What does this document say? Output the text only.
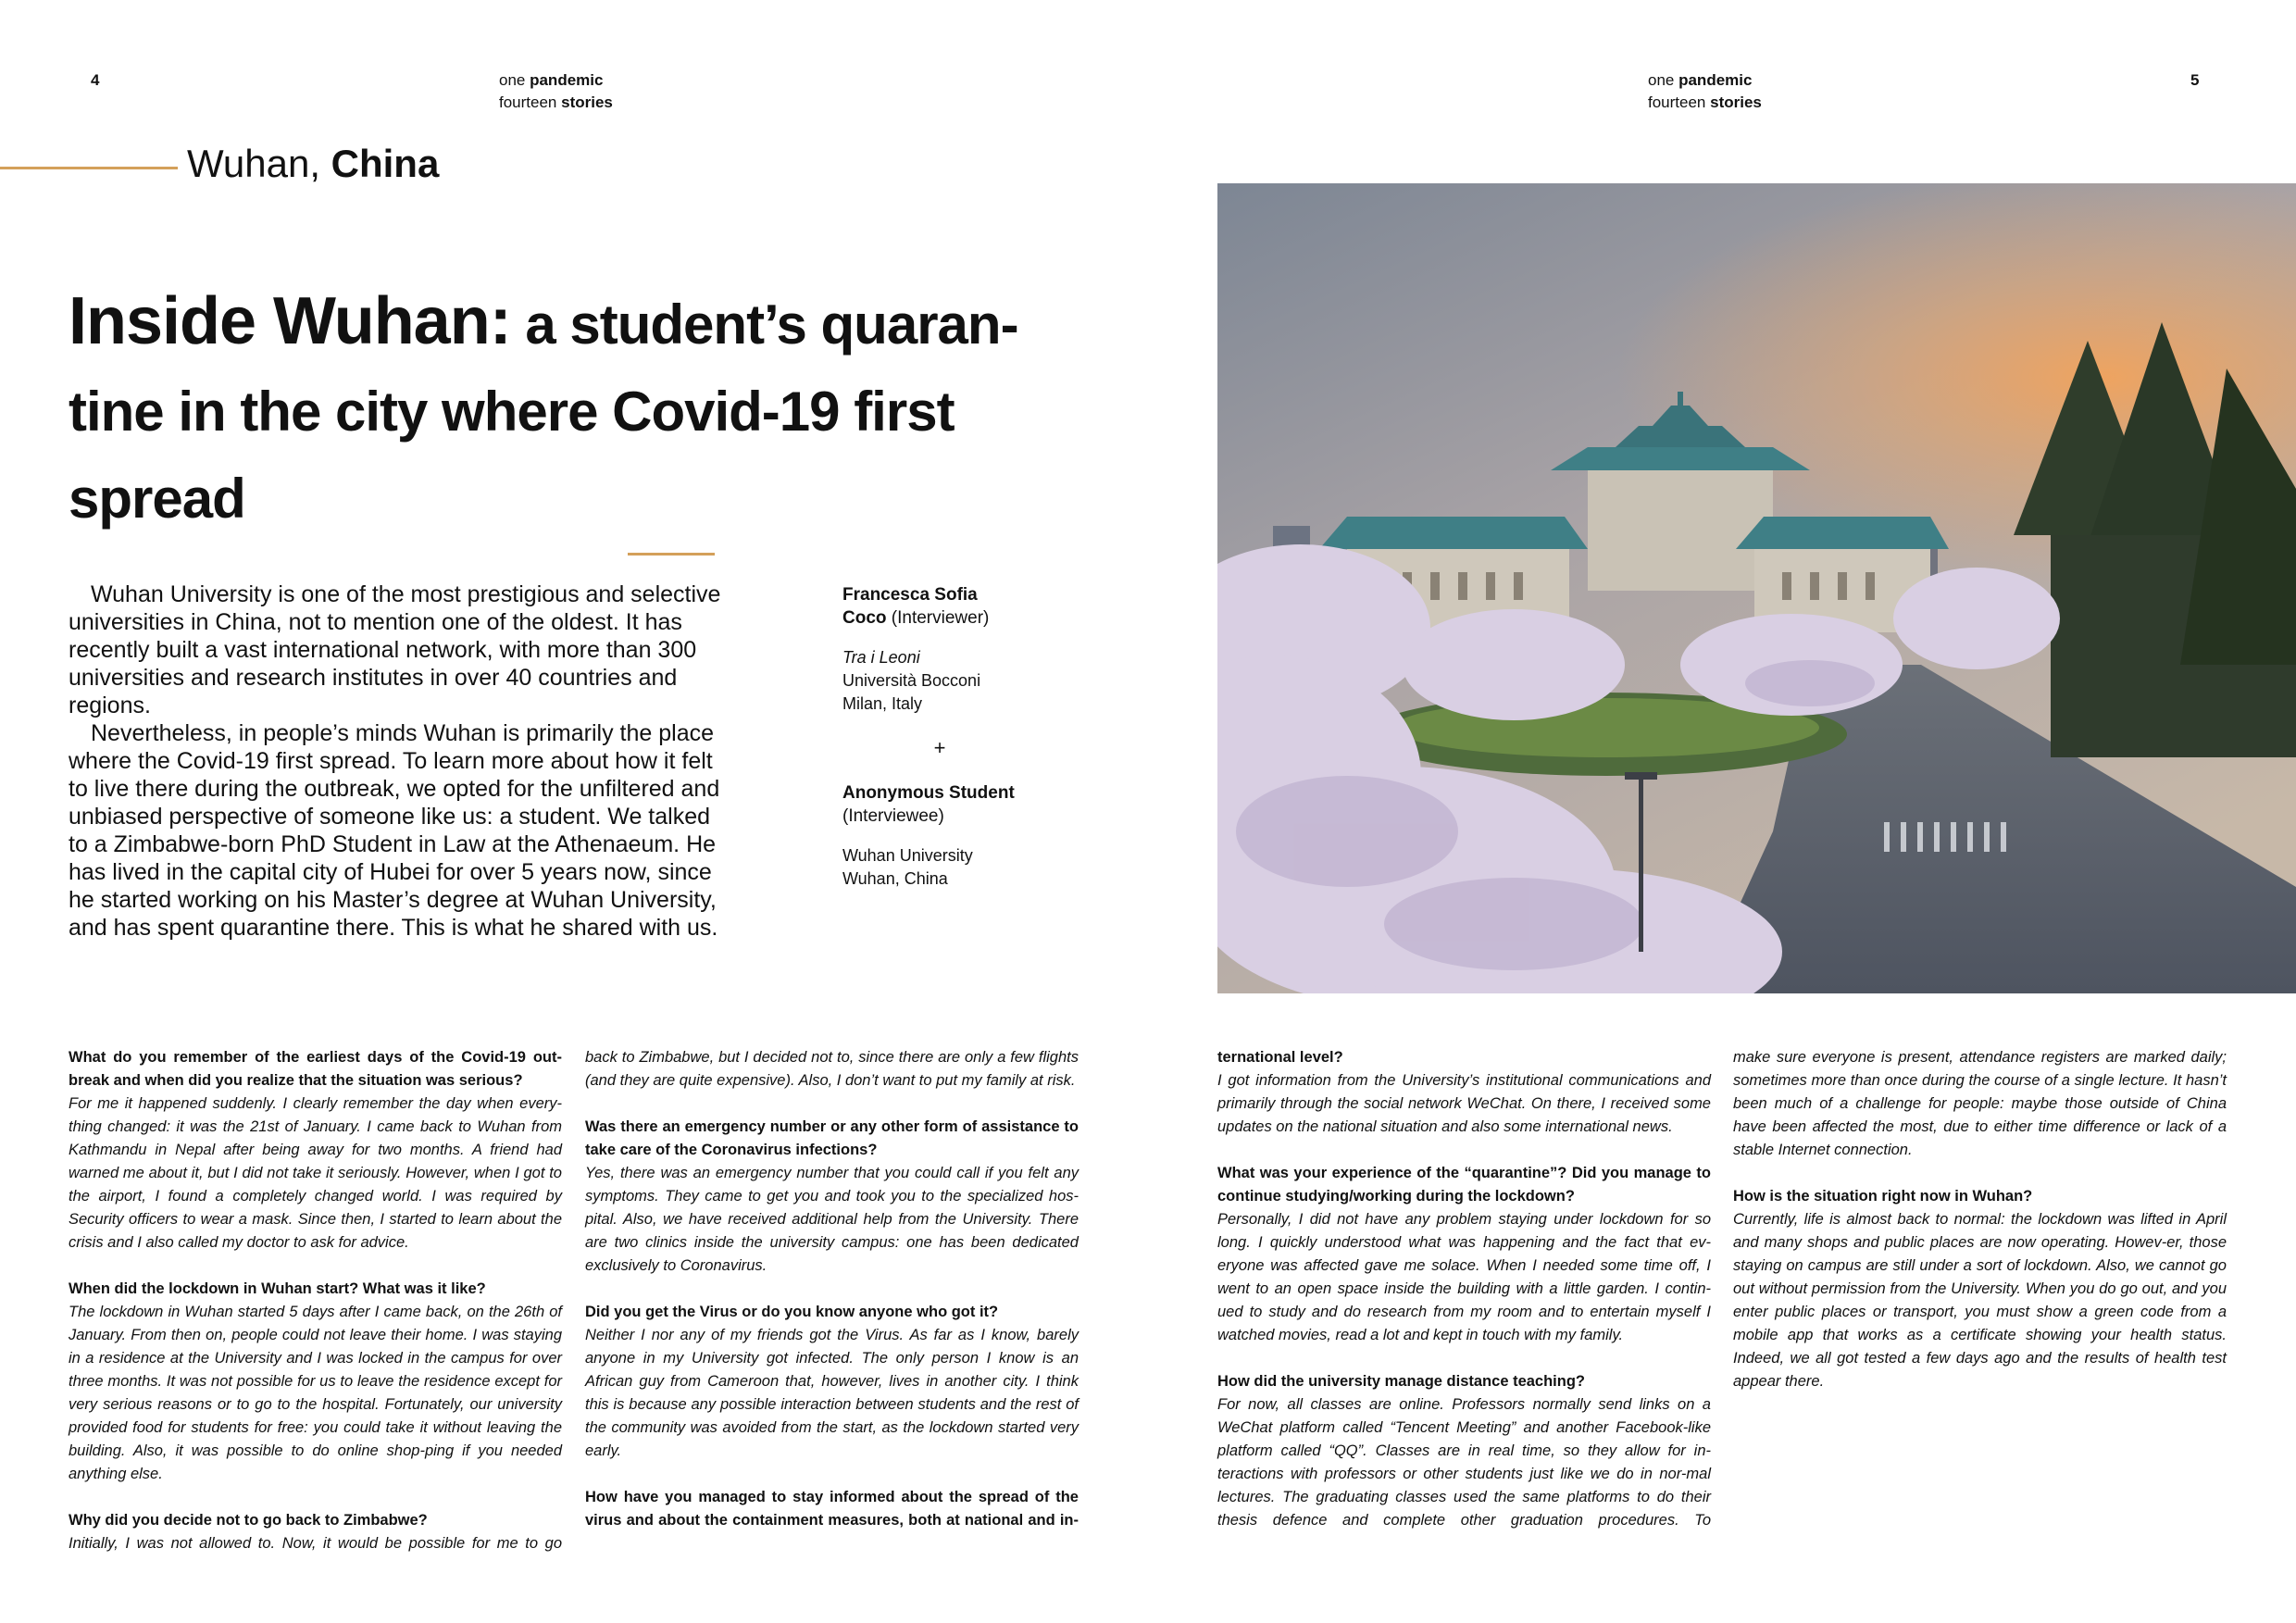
4	one pandemic
fourteen stories
Wuhan, China
Inside Wuhan: a student’s quaran-tine in the city where Covid-19 first spread

Wuhan University is one of the most prestigious and selective universities in China, not to mention one of the oldest. It has recently built a vast international network, with more than 300 universities and research institutes in over 40 countries and regions.

Nevertheless, in people’s minds Wuhan is primarily the place where the Covid-19 first spread. To learn more about how it felt to live there during the outbreak, we opted for the unfiltered and unbiased perspective of someone like us: a student. We talked to a Zimbabwe-born PhD Student in Law at the Athenaeum. He has lived in the capital city of Hubei for over 5 years now, since he started working on his Master’s degree at Wuhan University, and has spent quarantine there. This is what he shared with us.

Francesca Sofia
Coco (Interviewer)
Tra i Leoni
Università Bocconi
Milan, Italy
+
Anonymous Student
(Interviewee)
Wuhan University
Wuhan, China
What do you remember of the earliest days of the Covid-19 out-break and when did you realize that the situation was serious?
For me it happened suddenly. I clearly remember the day when every-thing changed: it was the 21st of January. I came back to Wuhan from Kathmandu in Nepal after being away for two months. A friend had warned me about it, but I did not take it seriously. However, when I got to the airport, I found a completely changed world. I was required by Security officers to wear a mask. Since then, I started to learn about the crisis and I also called my doctor to ask for advice.
When did the lockdown in Wuhan start? What was it like?
The lockdown in Wuhan started 5 days after I came back, on the 26th of January. From then on, people could not leave their home. I was staying in a residence at the University and I was locked in the campus for over three months. It was not possible for us to leave the residence except for very serious reasons or to go to the hospital. Fortunately, our university provided food for students for free: you could take it without leaving the building. Also, it was possible to do online shop-ping if you needed anything else.
Why did you decide not to go back to Zimbabwe?
Initially, I was not allowed to. Now, it would be possible for me to go
back to Zimbabwe, but I decided not to, since there are only a few flights (and they are quite expensive). Also, I don’t want to put my family at risk.
Was there an emergency number or any other form of assistance to take care of the Coronavirus infections?
Yes, there was an emergency number that you could call if you felt any symptoms. They came to get you and took you to the specialized hos-pital. Also, we have received additional help from the University. There are two clinics inside the university campus: one has been dedicated exclusively to Coronavirus.
Did you get the Virus or do you know anyone who got it?
Neither I nor any of my friends got the Virus. As far as I know, barely anyone in my University got infected. The only person I know is an African guy from Cameroon that, however, lives in another city. I think this is because any possible interaction between students and the rest of the community was avoided from the start, as the lockdown started very early.
How have you managed to stay informed about the spread of the virus and about the containment measures, both at national and in-
one pandemic
fourteen stories
5
ternational level?
I got information from the University’s institutional communications and primarily through the social network WeChat. On there, I received some updates on the national situation and also some international news.
What was your experience of the “quarantine”? Did you manage to continue studying/working during the lockdown?
Personally, I did not have any problem staying under lockdown for so long. I quickly understood what was happening and the fact that ev-eryone was affected gave me solace. When I needed some time off, I went to an open space inside the building with a little garden. I contin-ued to study and do research from my room and to entertain myself I watched movies, read a lot and kept in touch with my family.
How did the university manage distance teaching?
For now, all classes are online. Professors normally send links on a WeChat platform called “Tencent Meeting” and another Facebook-like platform called “QQ”. Classes are in real time, so they allow for in-teractions with professors or other students just like we do in nor-mal lectures. The graduating classes used the same platforms to do their thesis defence and complete other graduation procedures. To
make sure everyone is present, attendance registers are marked daily; sometimes more than once during the course of a single lecture. It hasn’t been much of a challenge for people: maybe those outside of China have been affected the most, due to either time difference or lack of a stable Internet connection.
How is the situation right now in Wuhan?
Currently, life is almost back to normal: the lockdown was lifted in April and many shops and public places are now operating. Howev-er, those staying on campus are still under a sort of lockdown. Also, we cannot go out without permission from the University. When you do go out, and you enter public places or transport, you must show a green code from a mobile app that works as a certificate showing your health status. Indeed, we all got tested a few days ago and the results of health test appear there.
